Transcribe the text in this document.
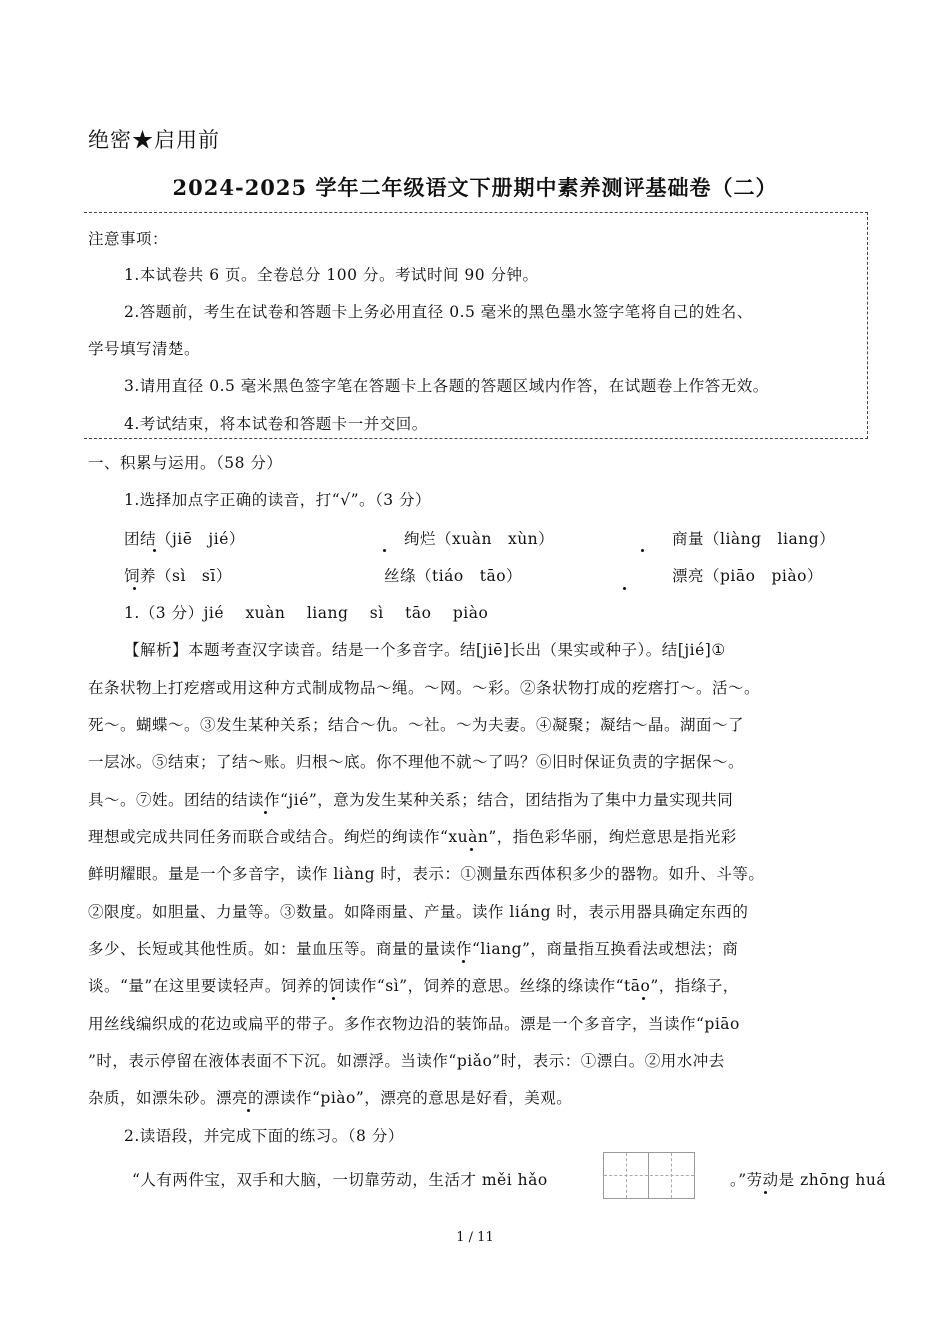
绝密★启用前
2024-2025 学年二年级语文下册期中素养测评基础卷（二）
注意事项：
1.本试卷共 6 页。全卷总分 100 分。考试时间 90 分钟。
2.答题前，考生在试卷和答题卡上务必用直径 0.5 毫米的黑色墨水签字笔将自己的姓名、
学号填写清楚。
3.请用直径 0.5 毫米黑色签字笔在答题卡上各题的答题区域内作答，在试题卷上作答无效。
4.考试结束，将本试卷和答题卡一并交回。
一、积累与运用。（58 分）
1.选择加点字正确的读音，打“√”。（3 分）
团结（jiē　jié）	绚烂（xuàn　xùn）	商量（liàng　liang）
饲养（sì　sī）	丝绦（tiáo　tāo）	漂亮（piāo　piào）
1.（3 分）jié　 xuàn　 liang　 sì　 tāo　 piào
【解析】本题考查汉字读音。结是一个多音字。结[jiē]长出（果实或种子）。结[jié]①
在条状物上打疙瘩或用这种方式制成物品～绳。～网。～彩。②条状物打成的疙瘩打～。活～。
死～。蝴蝶～。③发生某种关系；结合～仇。～社。～为夫妻。④凝聚；凝结～晶。湖面～了
一层冰。⑤结束；了结～账。归根～底。你不理他不就～了吗？⑥旧时保证负责的字据保～。
具～。⑦姓。团结的结读作“jié”，意为发生某种关系；结合，团结指为了集中力量实现共同
理想或完成共同任务而联合或结合。绚烂的绚读作“xuàn”，指色彩华丽，绚烂意思是指光彩
鲜明耀眼。量是一个多音字，读作 liàng 时，表示：①测量东西体积多少的器物。如升、斗等。
②限度。如胆量、力量等。③数量。如降雨量、产量。读作 liáng 时，表示用器具确定东西的
多少、长短或其他性质。如：量血压等。商量的量读作“liang”，商量指互换看法或想法；商
谈。“量”在这里要读轻声。饲养的饲读作“sì”，饲养的意思。丝绦的绦读作“tāo”，指绦子，
用丝线编织成的花边或扁平的带子。多作衣物边沿的装饰品。漂是一个多音字，当读作“piāo
”时，表示停留在液体表面不下沉。如漂浮。当读作“piǎo”时，表示：①漂白。②用水冲去
杂质，如漂朱砂。漂亮的漂读作“piào”，漂亮的意思是好看，美观。
2.读语段，并完成下面的练习。（8 分）
“人有两件宝，双手和大脑，一切靠劳动，生活才 měi hǎo	。”劳动是 zhōng huá
1 / 11
